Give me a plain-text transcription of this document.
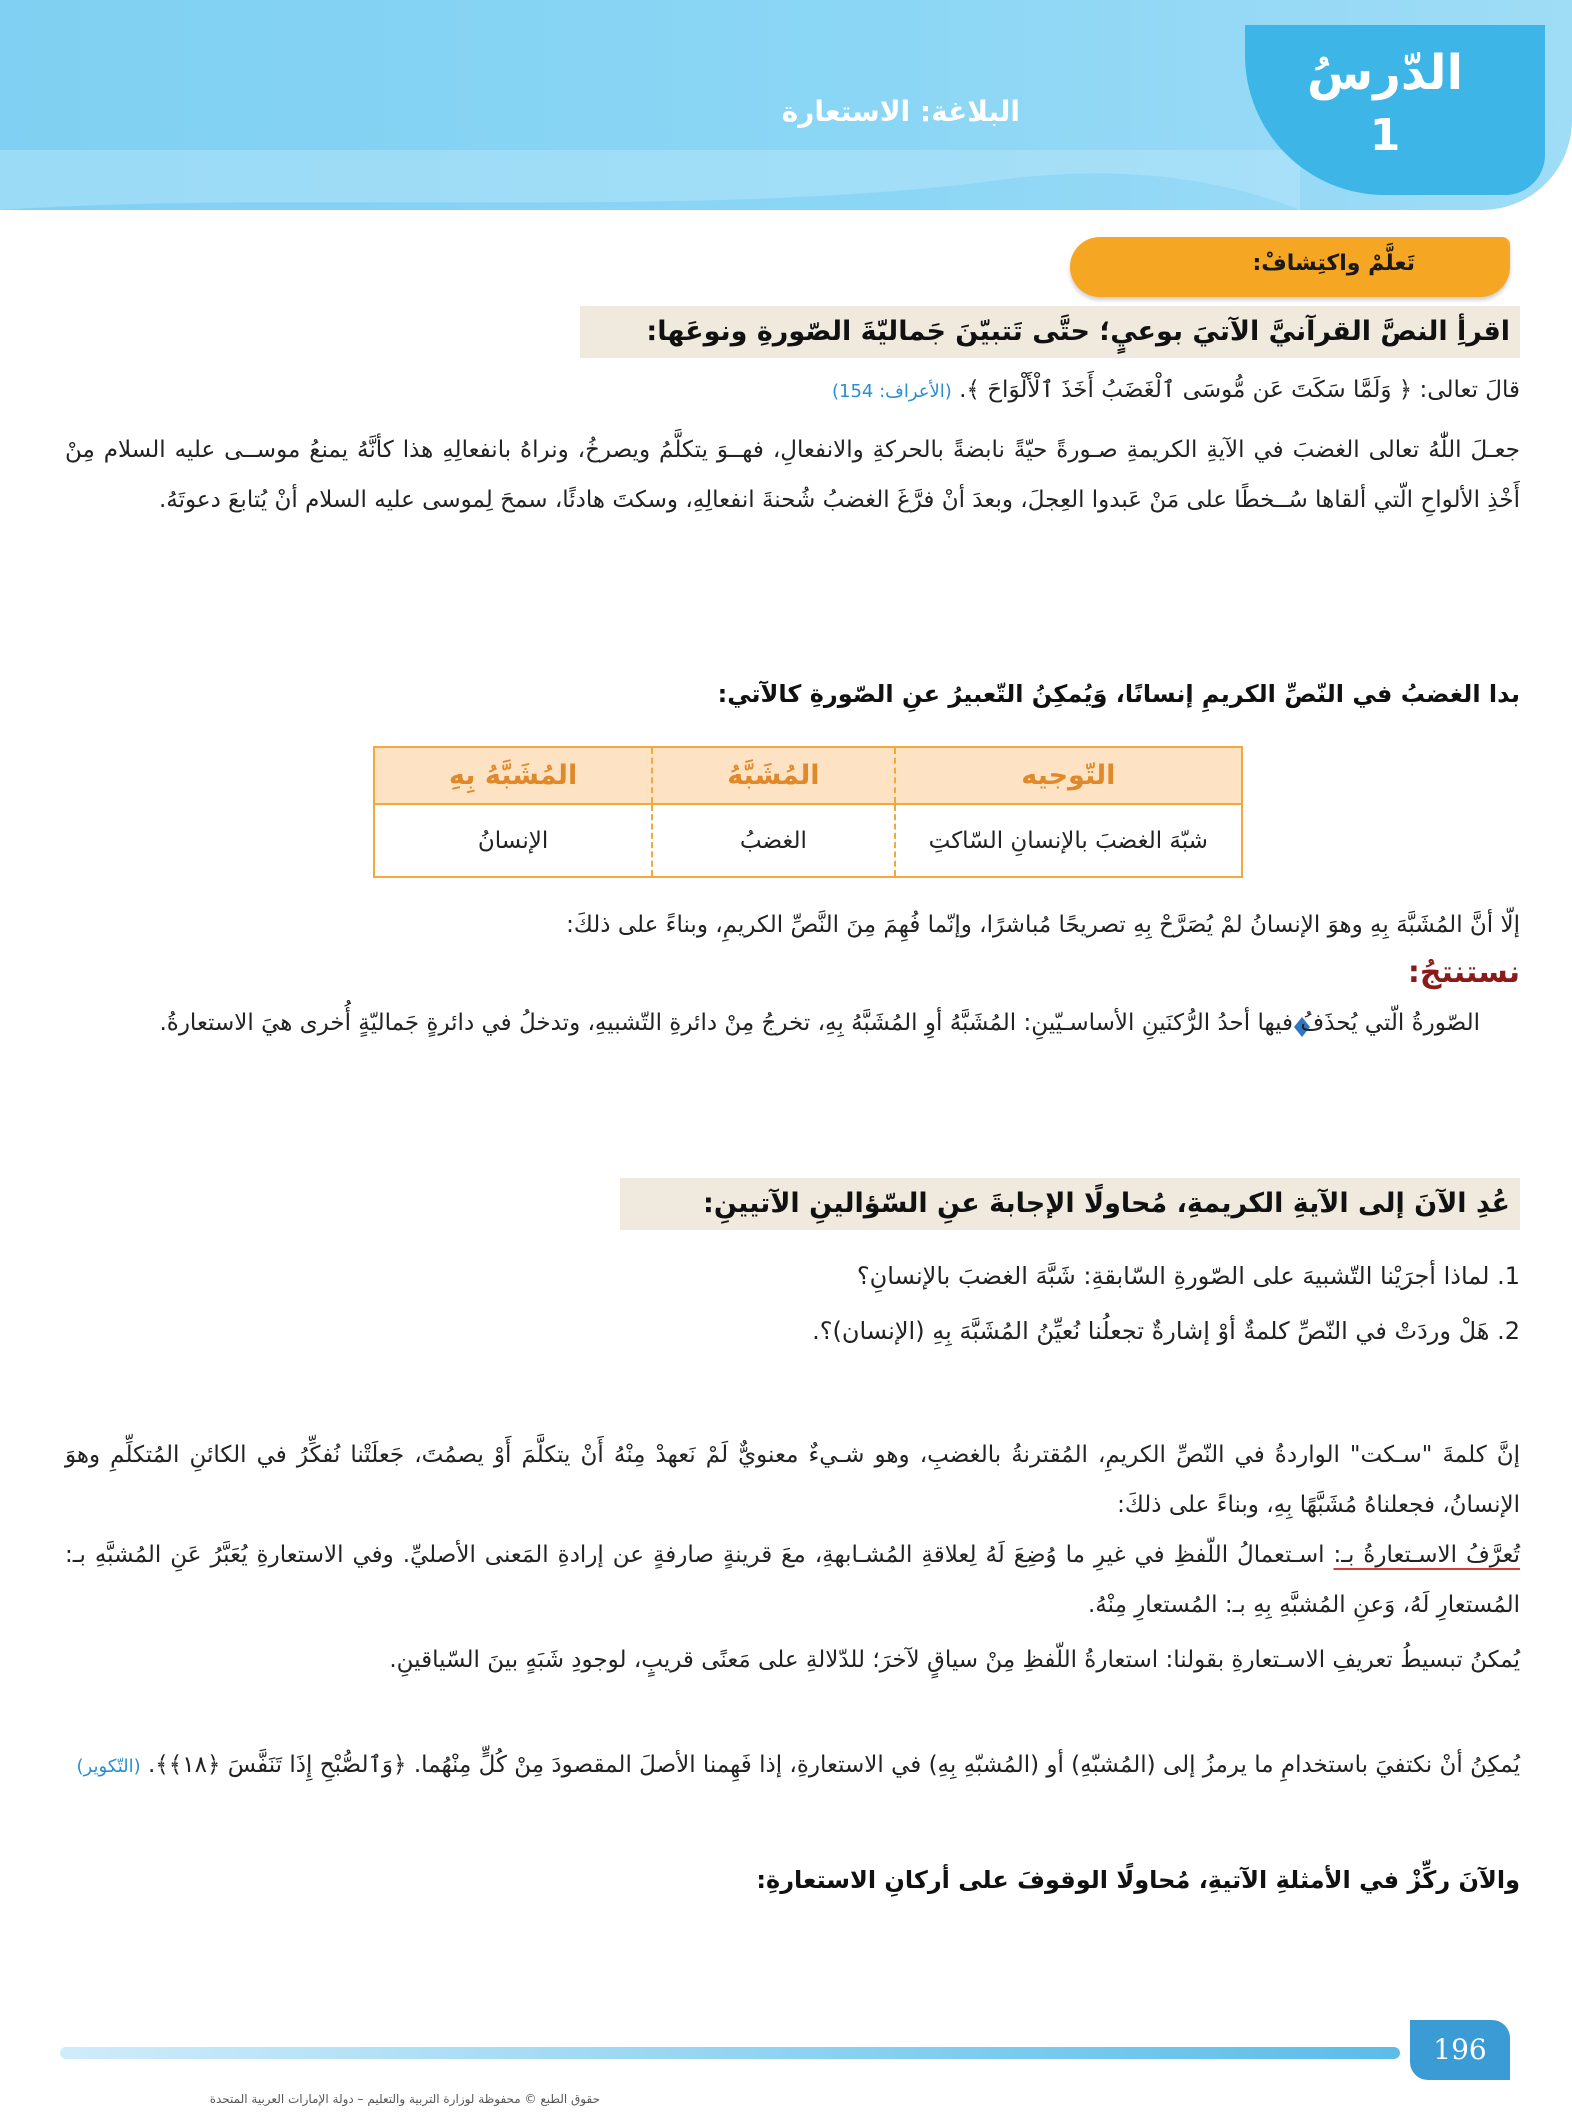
البلاغة: الاستعارة
الدّرسُ
1
تَعلَّمْ واكتِشافْ:
اقرأِ النصَّ القرآنيَّ الآتيَ بوعيٍ؛ حتَّى تَتبيّنَ جَماليّةَ الصّورةِ ونوعَها:
قالَ تعالى: ﴿ وَلَمَّا سَكَتَ عَن مُّوسَى ٱلْغَضَبُ أَخَذَ ٱلْأَلْوَاحَ ﴾. (الأعراف: 154)
جعـلَ اللّٰهُ تعالى الغضبَ في الآيةِ الكريمةِ صـورةً حيّةً نابضةً بالحركةِ والانفعالِ، فهــوَ يتكلَّمُ ويصرخُ، ونراهُ بانفعالِهِ هذا كأنَّهُ يمنعُ موســى عليه السلام مِنْ أَخْذِ الألواحِ الّتي ألقاها سُــخطًا على مَنْ عَبدوا العِجلَ، وبعدَ أنْ فرَّغَ الغضبُ شُحنةَ انفعالِهِ، وسكتَ هادئًا، سمحَ لِموسى عليه السلام أنْ يُتابعَ دعوتَهُ.
بدا الغضبُ في النّصِّ الكريمِ إنسانًا، وَيُمكِنُ التّعبيرُ عنِ الصّورةِ كالآتي:
التّوجيه	المُشَبَّهُ	المُشَبَّهُ بِهِ
شبّهَ الغضبَ بالإنسانِ السّاكتِ	الغضبُ	الإنسانُ
إلّا أنَّ المُشَبَّهَ بِهِ وهوَ الإنسانُ لمْ يُصَرَّحْ بِهِ تصريحًا مُباشرًا، وإنّما فُهِمَ مِنَ النَّصِّ الكريمِ، وبناءً على ذلكَ:
نستنتجُ:
الصّورةُ الّتي يُحذَفُ فيها أحدُ الرُّكنَينِ الأساسـيّينِ: المُشَبَّهُ أوِ المُشَبَّهُ بِهِ، تخرجُ مِنْ دائرةِ التّشبيهِ، وتدخلُ في دائرةٍ جَماليّةٍ أُخرى هيَ الاستعارةُ.
عُدِ الآنَ إلى الآيةِ الكريمةِ، مُحاولًا الإجابةَ عنِ السّؤالينِ الآتيينِ:
1. لماذا أجرَيْنا التّشبيهَ على الصّورةِ السّابقةِ: شَبَّهَ الغضبَ بالإنسانِ؟
2. هَلْ وردَتْ في النّصِّ كلمةٌ أوْ إشارةٌ تجعلُنا نُعيِّنُ المُشَبَّهَ بِهِ (الإنسان)؟.
إنَّ كلمةَ "سـكت" الواردةُ في النّصِّ الكريمِ، المُقترنةُ بالغضبِ، وهو شـيءٌ معنويٌّ لَمْ نَعهدْ مِنْهُ أَنْ يتكلَّمَ أَوْ يصمُتَ، جَعلَتْنا نُفكِّرُ في الكائنِ المُتكلِّمِ وهوَ الإنسانُ، فجعلناهُ مُشَبَّهًا بِهِ، وبناءً على ذلكَ:
تُعرَّفُ الاسـتعارةُ بـ: اسـتعمالُ اللّفظِ في غيرِ ما وُضِعَ لَهُ لِعلاقةِ المُشـابهةِ، معَ قرينةٍ صارفةٍ عن إرادةِ المَعنى الأصليِّ. وفي الاستعارةِ يُعَبَّرُ عَنِ المُشبَّهِ بـ: المُستعارِ لَهُ، وَعنِ المُشبَّهِ بِهِ بـ: المُستعارِ مِنْهُ.
يُمكنُ تبسيطُ تعريفِ الاسـتعارةِ بقولنا: استعارةُ اللّفظِ مِنْ سياقٍ لآخرَ؛ للدّلالةِ على مَعنًى قريبٍ، لوجودِ شَبَهٍ بينَ السّياقينِ.
يُمكِنُ أنْ نكتفيَ باستخدامِ ما يرمزُ إلى (المُشبّهِ) أو (المُشبّهِ بِهِ) في الاستعارةِ، إذا فَهِمنا الأصلَ المقصودَ مِنْ كُلٍّ مِنْهُما. ﴿وَٱلصُّبْحِ إِذَا تَنَفَّسَ ﴿١٨﴾﴾. (التّكوير)
والآنَ ركِّزْ في الأمثلةِ الآتيةِ، مُحاولًا الوقوفَ على أركانِ الاستعارةِ:
196
حقوق الطبع © محفوظة لوزارة التربية والتعليم – دولة الإمارات العربية المتحدة
